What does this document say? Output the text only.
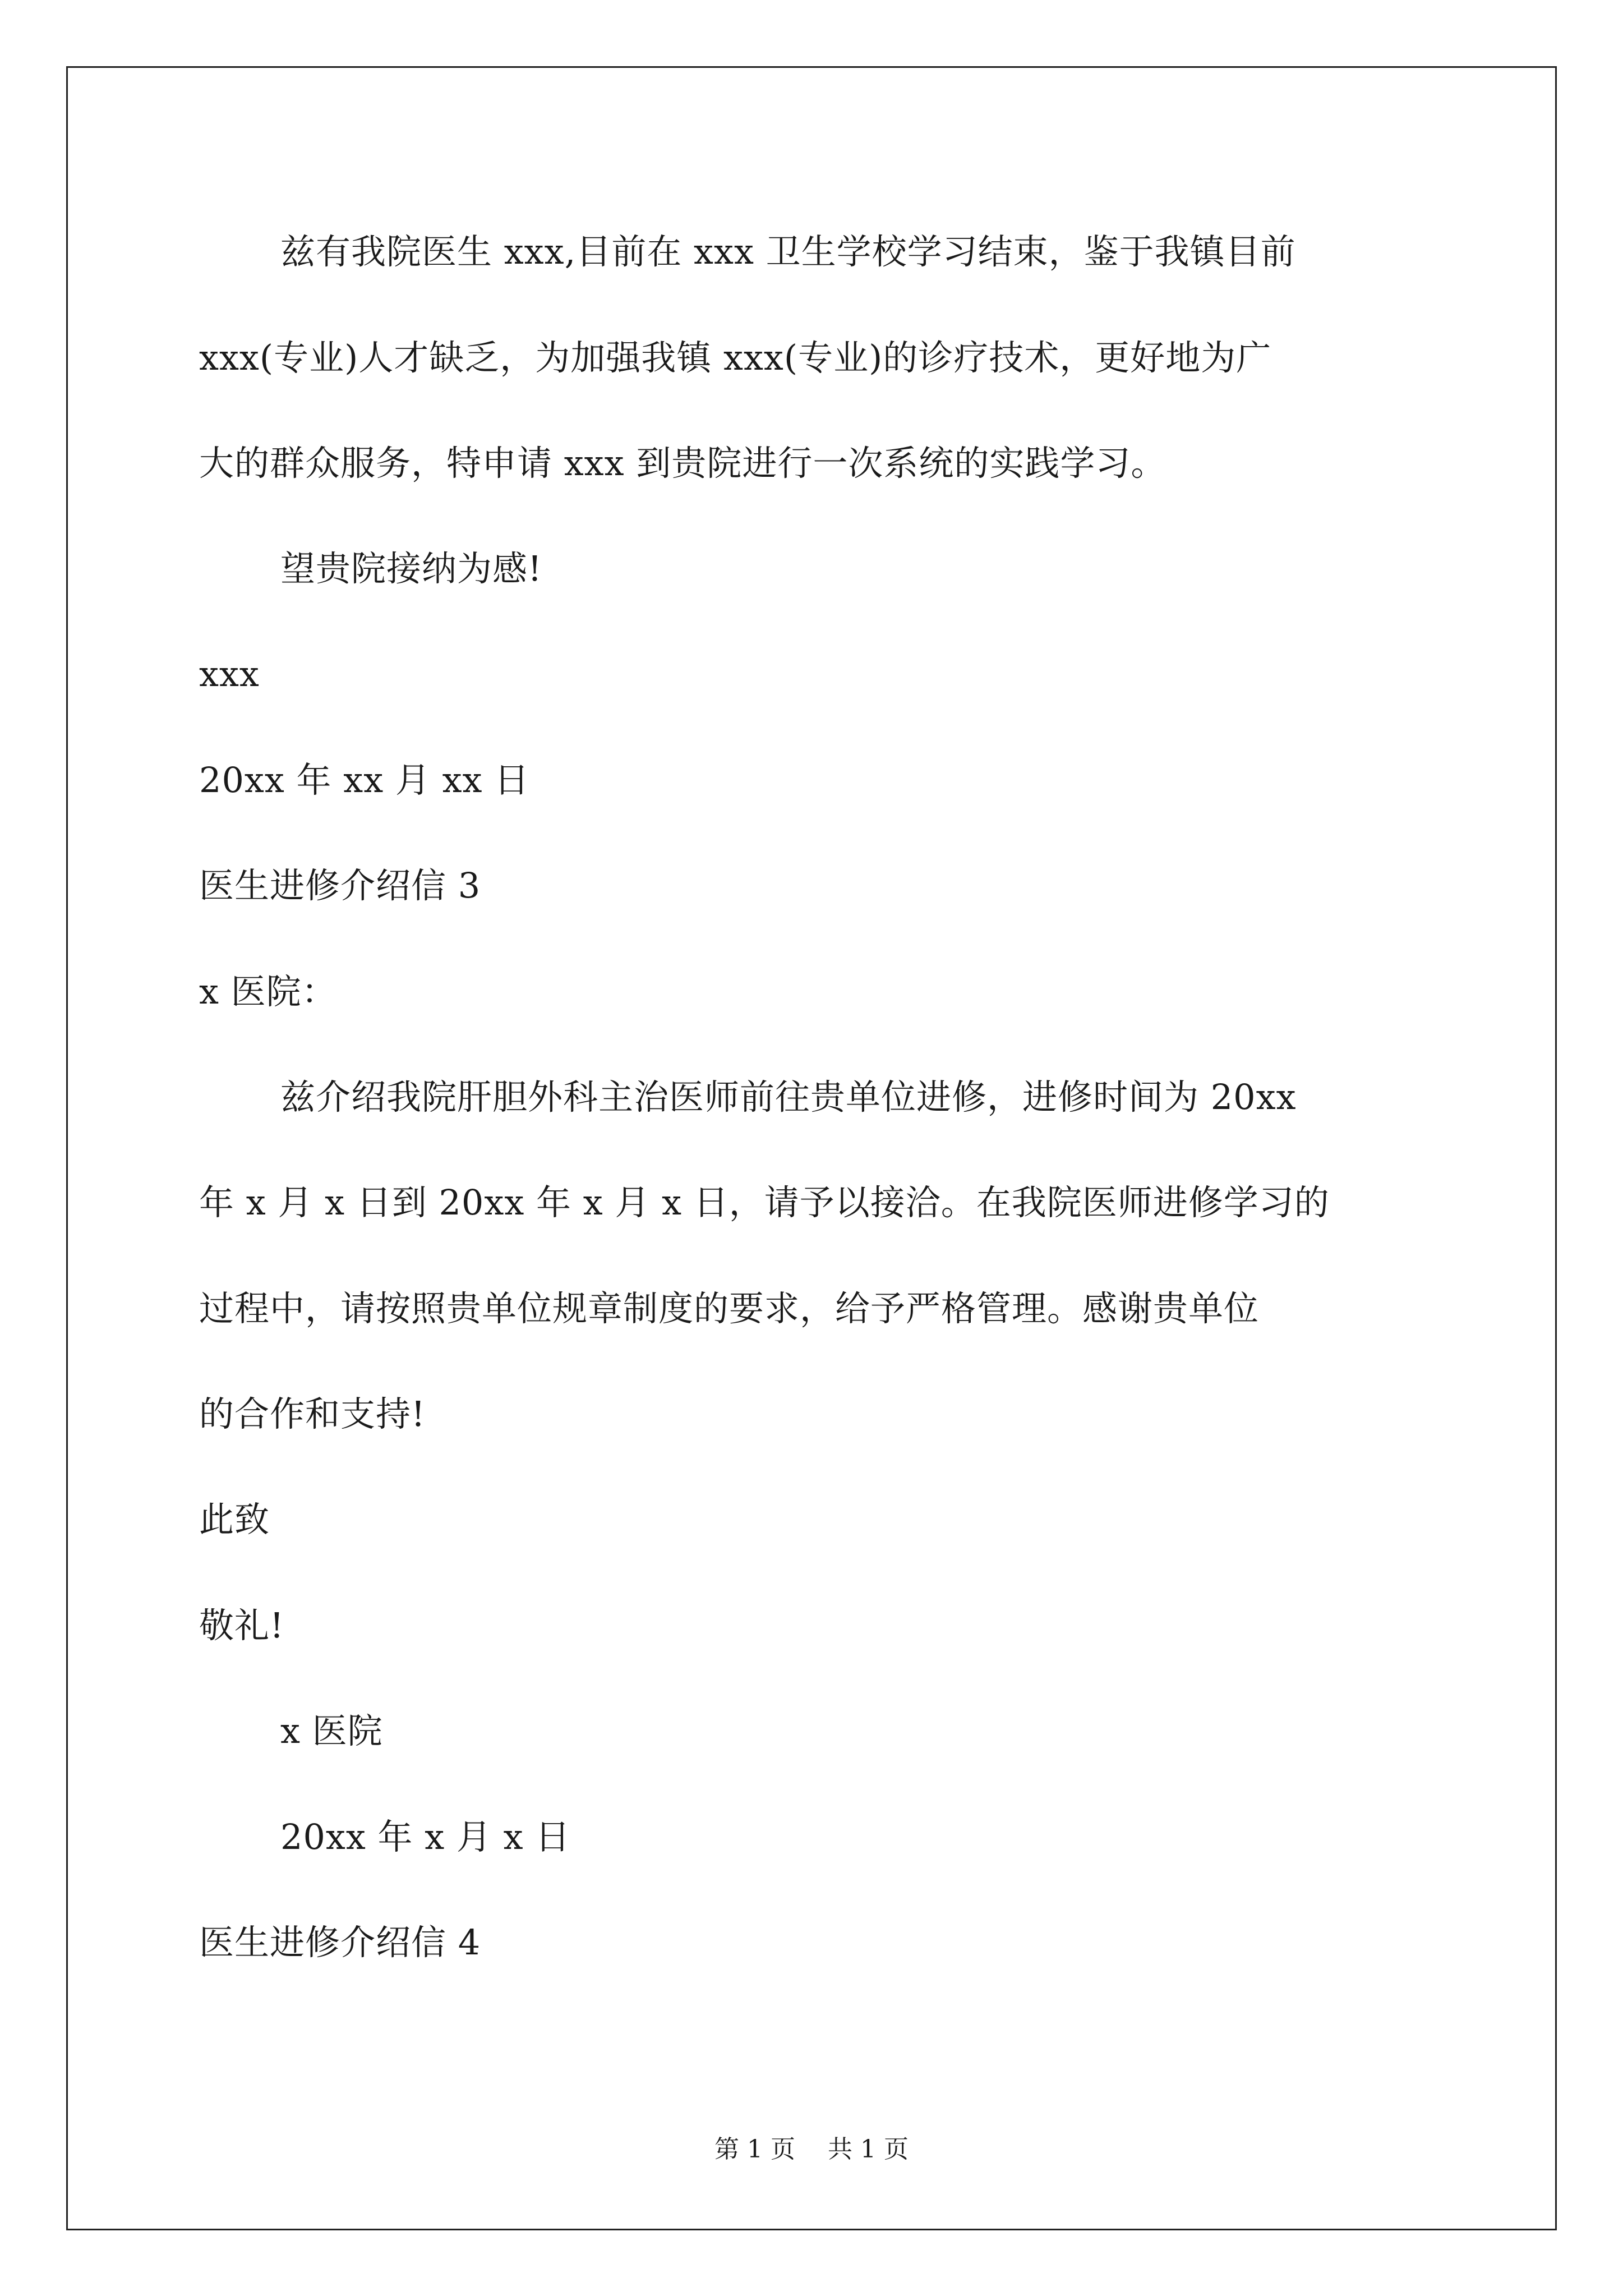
兹有我院医生 xxx,目前在 xxx 卫生学校学习结束，鉴于我镇目前
xxx(专业)人才缺乏，为加强我镇 xxx(专业)的诊疗技术，更好地为广
大的群众服务，特申请 xxx 到贵院进行一次系统的实践学习。
望贵院接纳为感!
xxx
20xx 年 xx 月 xx 日
医生进修介绍信 3
x 医院：
兹介绍我院肝胆外科主治医师前往贵单位进修，进修时间为 20xx
年 x 月 x 日到 20xx 年 x 月 x 日，请予以接洽。在我院医师进修学习的
过程中，请按照贵单位规章制度的要求，给予严格管理。感谢贵单位
的合作和支持!
此致
敬礼!
x 医院
20xx 年 x 月 x 日
医生进修介绍信 4
第 1 页 共 1 页
